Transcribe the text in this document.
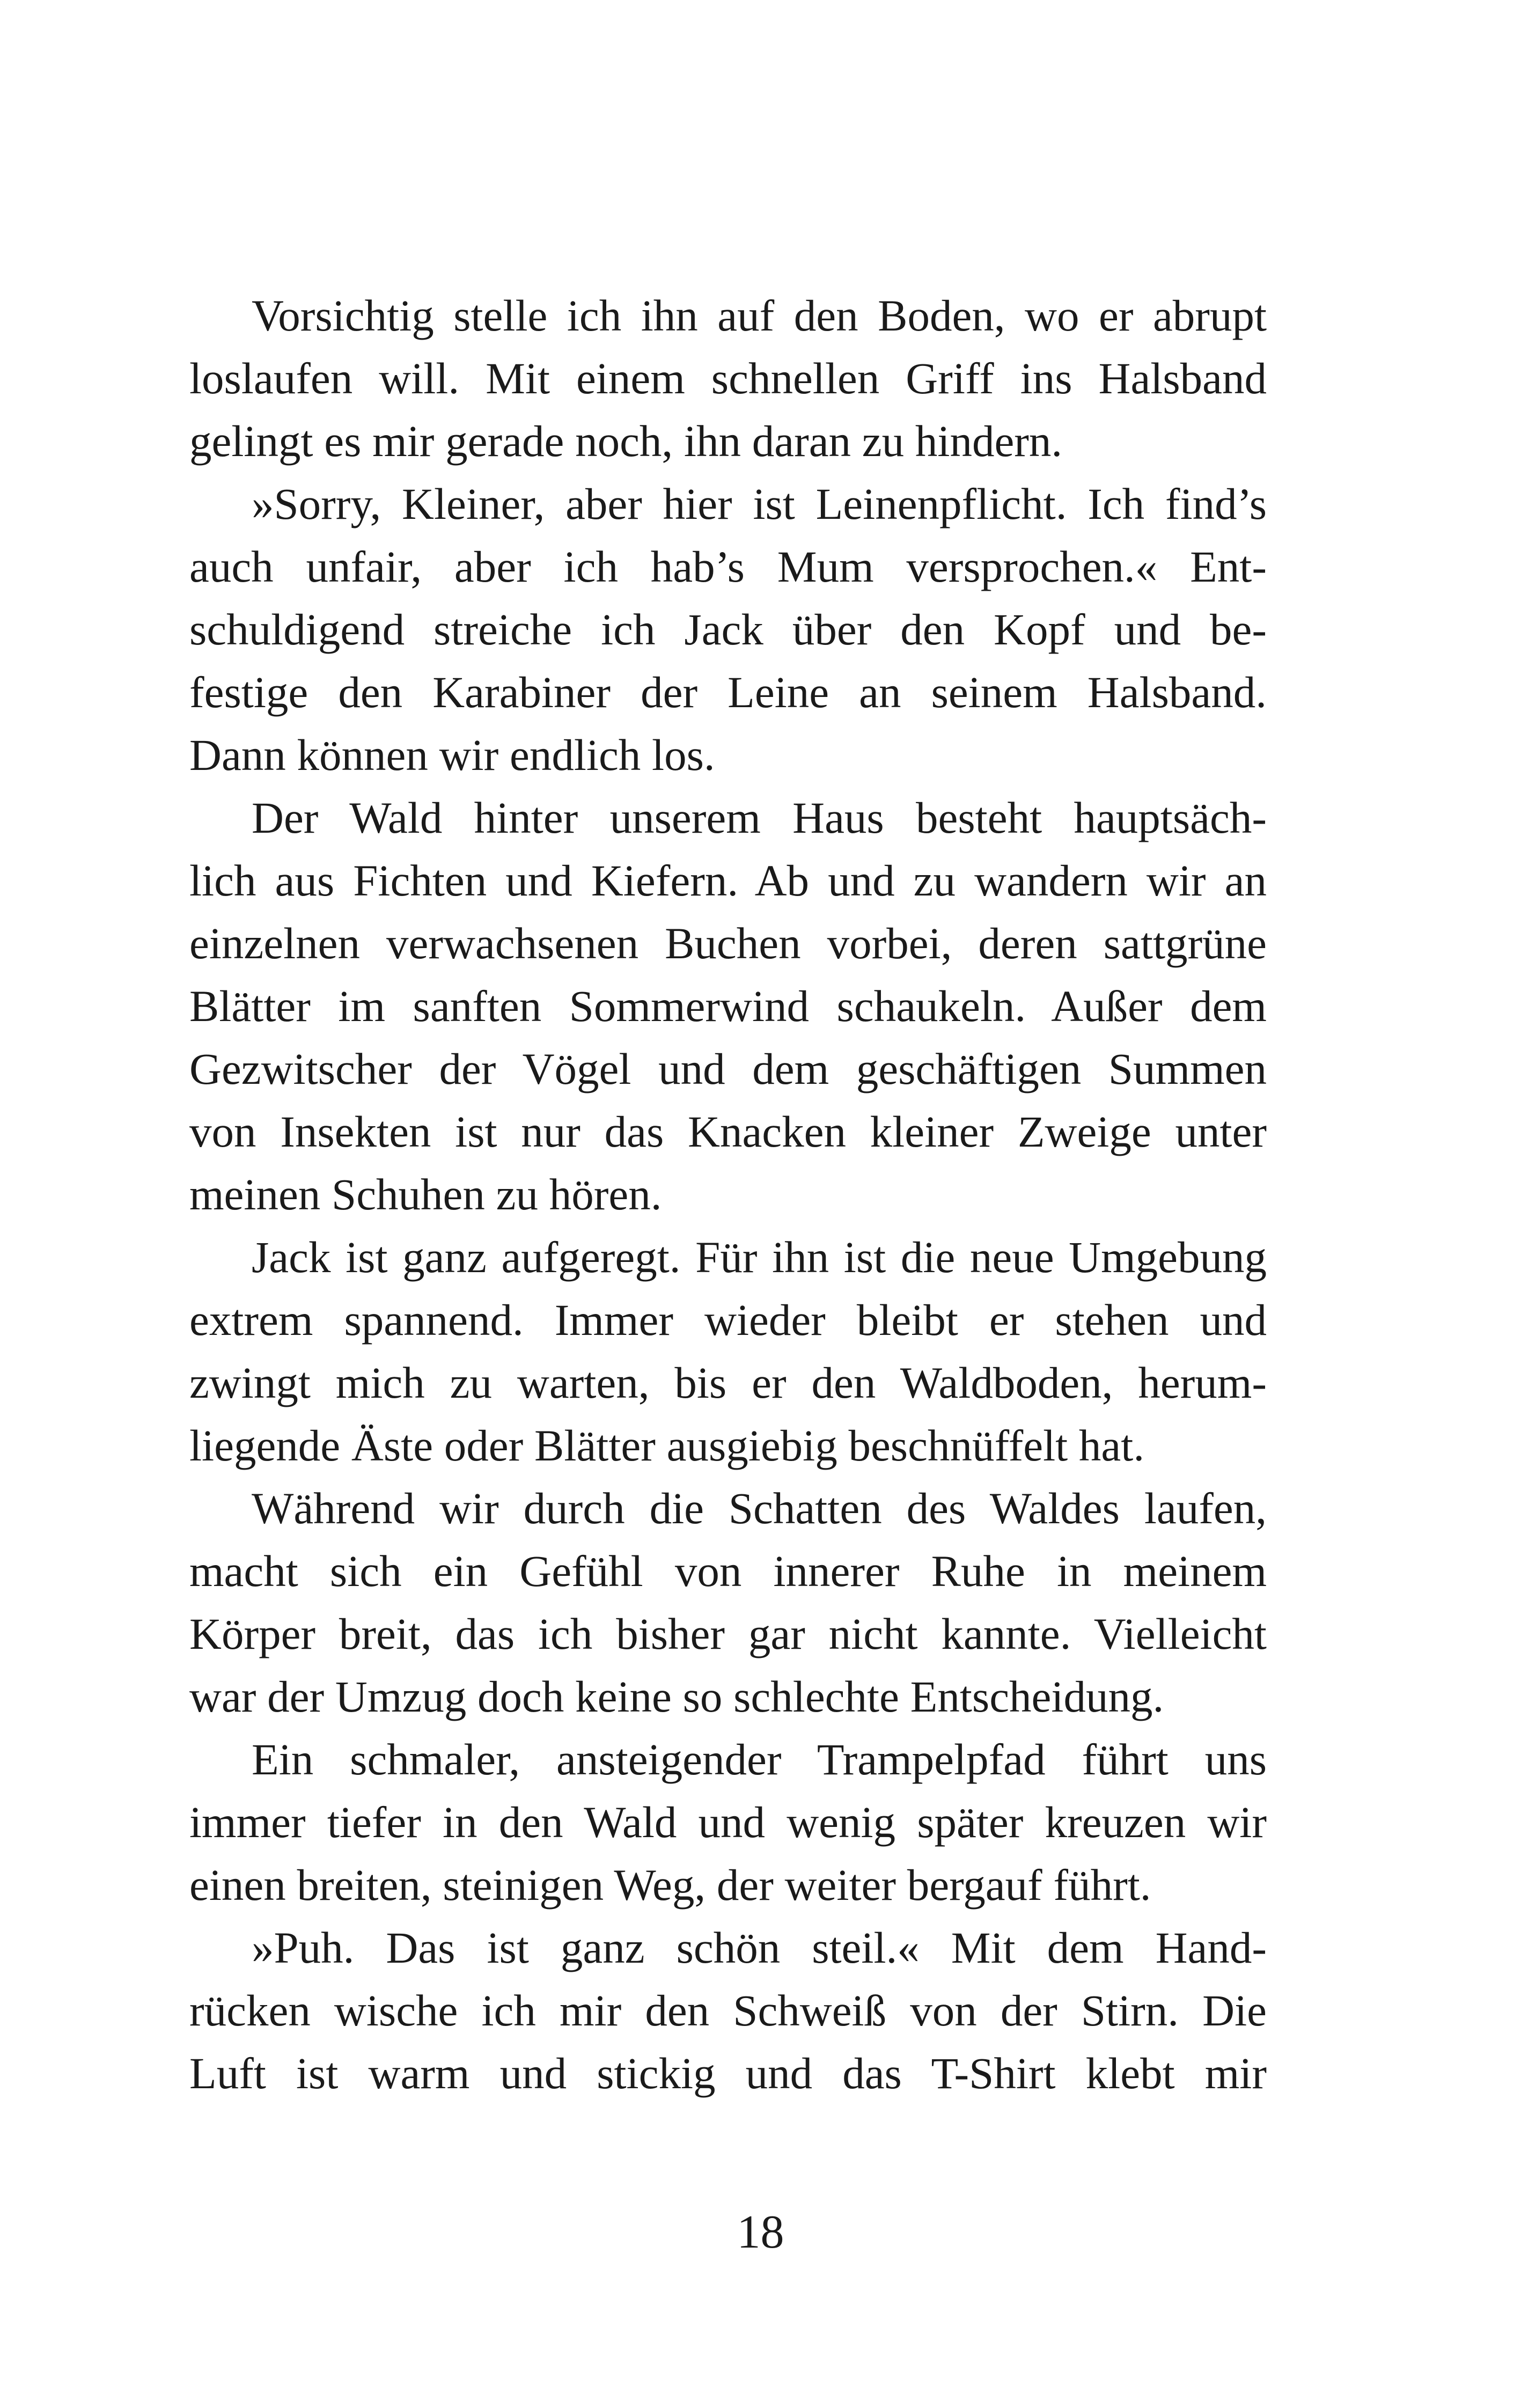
Vorsichtig stelle ich ihn auf den Boden, wo er abrupt
loslaufen will. Mit einem schnellen Griff ins Halsband
gelingt es mir gerade noch, ihn daran zu hindern.
»Sorry, Kleiner, aber hier ist Leinenpflicht. Ich find’s
auch unfair, aber ich hab’s Mum versprochen.« Ent-
schuldigend streiche ich Jack über den Kopf und be-
festige den Karabiner der Leine an seinem Halsband.
Dann können wir endlich los.
Der Wald hinter unserem Haus besteht hauptsäch-
lich aus Fichten und Kiefern. Ab und zu wandern wir an
einzelnen verwachsenen Buchen vorbei, deren sattgrüne
Blätter im sanften Sommerwind schaukeln. Außer dem
Gezwitscher der Vögel und dem geschäftigen Summen
von Insekten ist nur das Knacken kleiner Zweige unter
meinen Schuhen zu hören.
Jack ist ganz aufgeregt. Für ihn ist die neue Umgebung
extrem spannend. Immer wieder bleibt er stehen und
zwingt mich zu warten, bis er den Waldboden, herum-
liegende Äste oder Blätter ausgiebig beschnüffelt hat.
Während wir durch die Schatten des Waldes laufen,
macht sich ein Gefühl von innerer Ruhe in meinem
Körper breit, das ich bisher gar nicht kannte. Vielleicht
war der Umzug doch keine so schlechte Entscheidung.
Ein schmaler, ansteigender Trampelpfad führt uns
immer tiefer in den Wald und wenig später kreuzen wir
einen breiten, steinigen Weg, der weiter bergauf führt.
»Puh. Das ist ganz schön steil.« Mit dem Hand-
rücken wische ich mir den Schweiß von der Stirn. Die
Luft ist warm und stickig und das T-Shirt klebt mir
18
